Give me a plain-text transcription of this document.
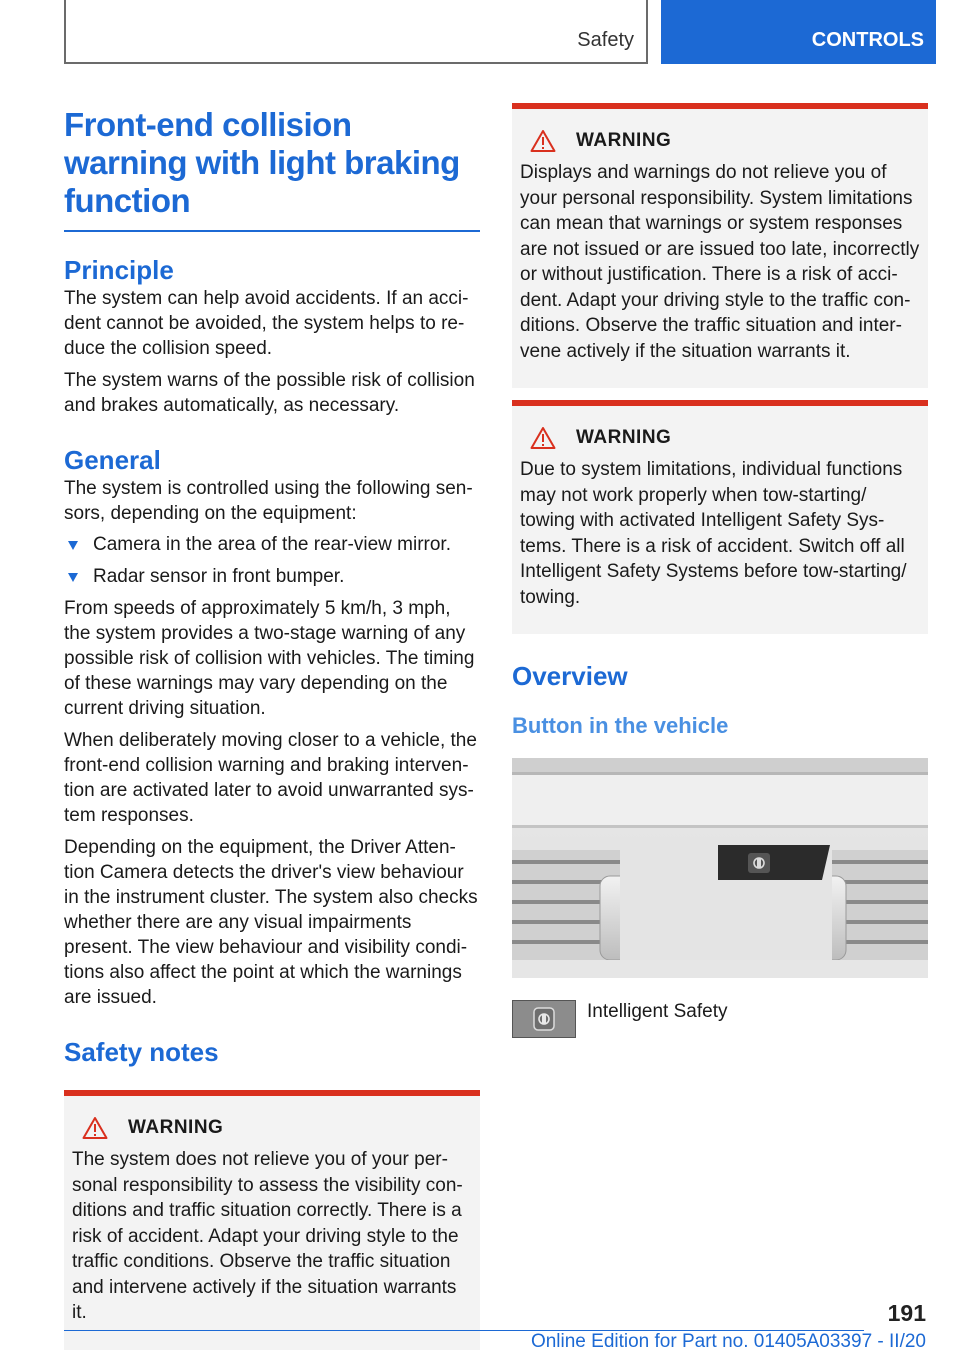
Safety	CONTROLS
Front-end collision warning with light braking function
Principle

The system can help avoid accidents. If an accident cannot be avoided, the system helps to reduce the collision speed.

The system warns of the possible risk of collision and brakes automatically, as necessary.

General

The system is controlled using the following sensors, depending on the equipment:

Camera in the area of the rear-view mirror.
Radar sensor in front bumper.

From speeds of approximately 5 km/h, 3 mph, the system provides a two-stage warning of any possible risk of collision with vehicles. The timing of these warnings may vary depending on the current driving situation.

When deliberately moving closer to a vehicle, the front-end collision warning and braking intervention are activated later to avoid unwarranted system responses.

Depending on the equipment, the Driver Attention Camera detects the driver's view behaviour in the instrument cluster. The system also checks whether there are any visual impairments present. The view behaviour and visibility conditions also affect the point at which the warnings are issued.

Safety notes
WARNING

The system does not relieve you of your personal responsibility to assess the visibility conditions and traffic situation correctly. There is a risk of accident. Adapt your driving style to the traffic conditions. Observe the traffic situation and intervene actively if the situation warrants it.

WARNING

Displays and warnings do not relieve you of your personal responsibility. System limitations can mean that warnings or system responses are not issued or are issued too late, incorrectly or without justification. There is a risk of accident. Adapt your driving style to the traffic conditions. Observe the traffic situation and intervene actively if the situation warrants it.

WARNING

Due to system limitations, individual functions may not work properly when tow-starting/ towing with activated Intelligent Safety Systems. There is a risk of accident. Switch off all Intelligent Safety Systems before tow-starting/ towing.

Overview
Button in the vehicle
Intelligent Safety
191
Online Edition for Part no. 01405A03397 - II/20
